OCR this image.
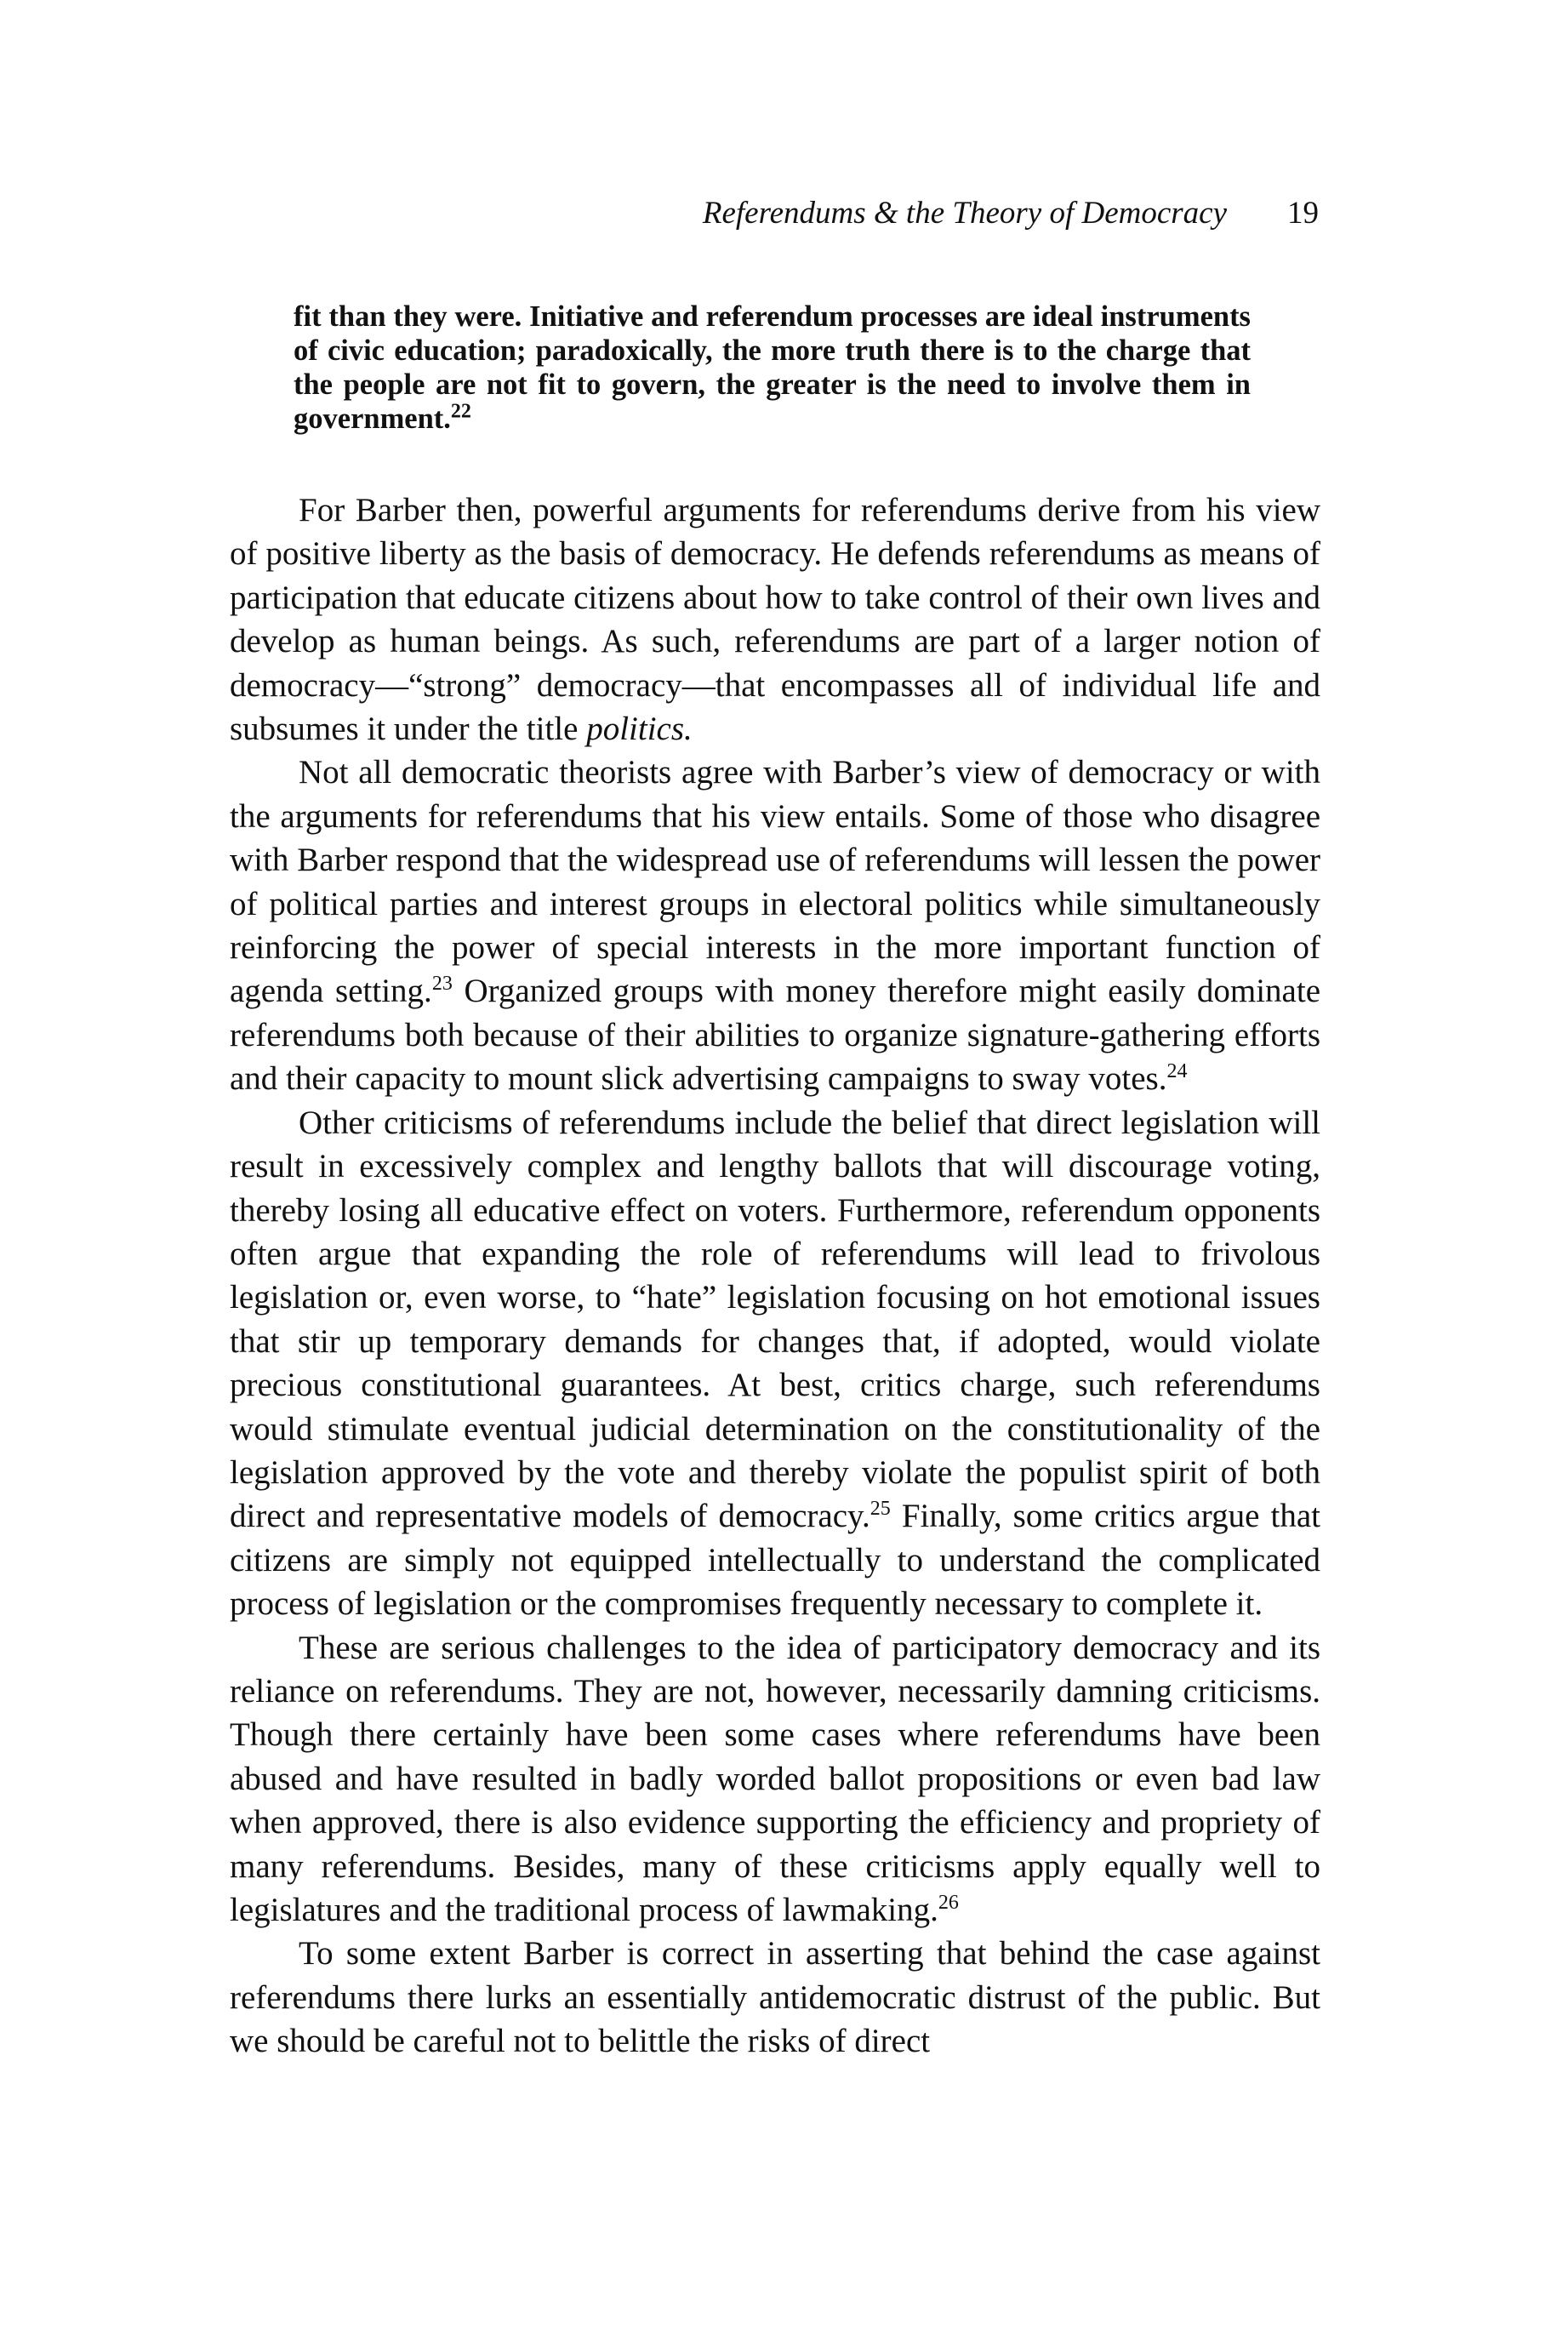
Referendums & the Theory of Democracy 19

fit than they were. Initiative and referendum processes are ideal instruments of civic education; paradoxically, the more truth there is to the charge that the people are not fit to govern, the greater is the need to involve them in government.$^{22}$

For Barber then, powerful arguments for referendums derive from his view of positive liberty as the basis of democracy. He defends referendums as means of participation that educate citizens about how to take control of their own lives and develop as human beings. As such, referendums are part of a larger notion of democracy—“strong” democracy—that encompasses all of individual life and subsumes it under the title politics.

Not all democratic theorists agree with Barber’s view of democracy or with the arguments for referendums that his view entails. Some of those who disagree with Barber respond that the widespread use of referendums will lessen the power of political parties and interest groups in electoral politics while simultaneously reinforcing the power of special interests in the more important function of agenda setting.$^{23}$ Organized groups with money therefore might easily dominate referendums both because of their abilities to organize signature-gathering efforts and their capacity to mount slick advertising campaigns to sway votes.$^{24}$

Other criticisms of referendums include the belief that direct legislation will result in excessively complex and lengthy ballots that will discourage voting, thereby losing all educative effect on voters. Furthermore, referendum opponents often argue that expanding the role of referendums will lead to frivolous legislation or, even worse, to “hate” legislation focusing on hot emotional issues that stir up temporary demands for changes that, if adopted, would violate precious constitutional guarantees. At best, critics charge, such referendums would stimulate eventual judicial determination on the constitutionality of the legislation approved by the vote and thereby violate the populist spirit of both direct and representative models of democracy.$^{25}$ Finally, some critics argue that citizens are simply not equipped intellectually to understand the complicated process of legislation or the compromises frequently necessary to complete it.

These are serious challenges to the idea of participatory democracy and its reliance on referendums. They are not, however, necessarily damning criticisms. Though there certainly have been some cases where referendums have been abused and have resulted in badly worded ballot propositions or even bad law when approved, there is also evidence supporting the efficiency and propriety of many referendums. Besides, many of these criticisms apply equally well to legislatures and the traditional process of lawmaking.$^{26}$

To some extent Barber is correct in asserting that behind the case against referendums there lurks an essentially antidemocratic distrust of the public. But we should be careful not to belittle the risks of direct
